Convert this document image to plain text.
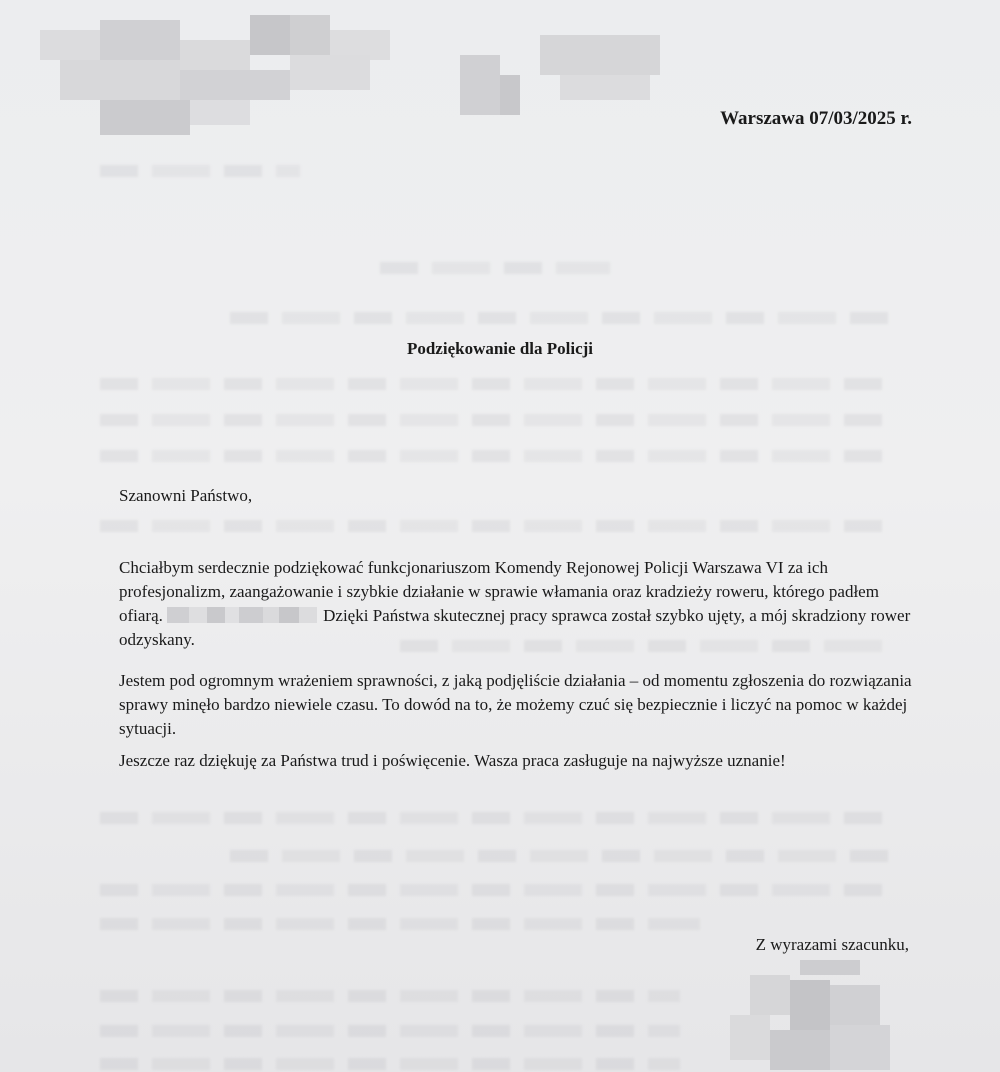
Warszawa 07/03/2025 r.
Podziękowanie dla Policji
Szanowni Państwo,

Chciałbym serdecznie podziękować funkcjonariuszom Komendy Rejonowej Policji Warszawa VI za ich profesjonalizm, zaangażowanie i szybkie działanie w sprawie włamania oraz kradzieży roweru, którego padłem ofiarą.	Dzięki Państwa skutecznej pracy sprawca został szybko ujęty, a mój skradziony rower odzyskany.

Jestem pod ogromnym wrażeniem sprawności, z jaką podjęliście działania – od momentu zgłoszenia do rozwiązania sprawy minęło bardzo niewiele czasu. To dowód na to, że możemy czuć się bezpiecznie i liczyć na pomoc w każdej sytuacji.

Jeszcze raz dziękuję za Państwa trud i poświęcenie. Wasza praca zasługuje na najwyższe uznanie!

Z wyrazami szacunku,
